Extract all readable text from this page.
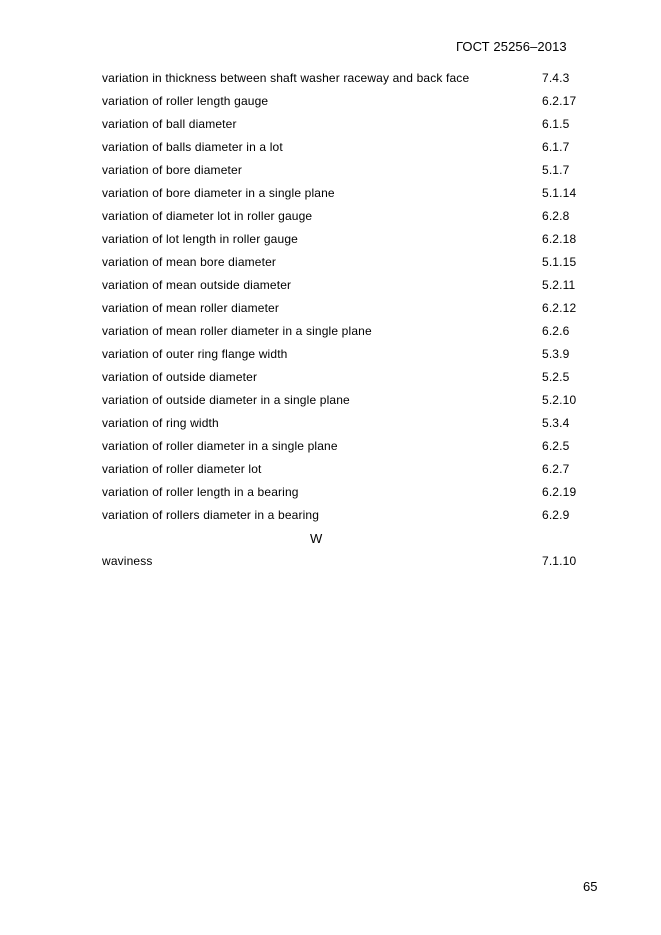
ГОСТ 25256–2013
variation in thickness between shaft washer raceway and back face	7.4.3
variation of roller length gauge	6.2.17
variation of ball diameter	6.1.5
variation of balls diameter in a lot	6.1.7
variation of bore diameter	5.1.7
variation of bore diameter in a single plane	5.1.14
variation of diameter lot in roller gauge	6.2.8
variation of lot length in roller gauge	6.2.18
variation of mean bore diameter	5.1.15
variation of mean outside diameter	5.2.11
variation of mean roller diameter	6.2.12
variation of mean roller diameter in a single plane	6.2.6
variation of outer ring flange width	5.3.9
variation of outside diameter	5.2.5
variation of outside diameter in a single plane	5.2.10
variation of ring width	5.3.4
variation of roller diameter in a single plane	6.2.5
variation of roller diameter lot	6.2.7
variation of roller length in a bearing	6.2.19
variation of rollers diameter in a bearing	6.2.9
W
waviness	7.1.10
65
